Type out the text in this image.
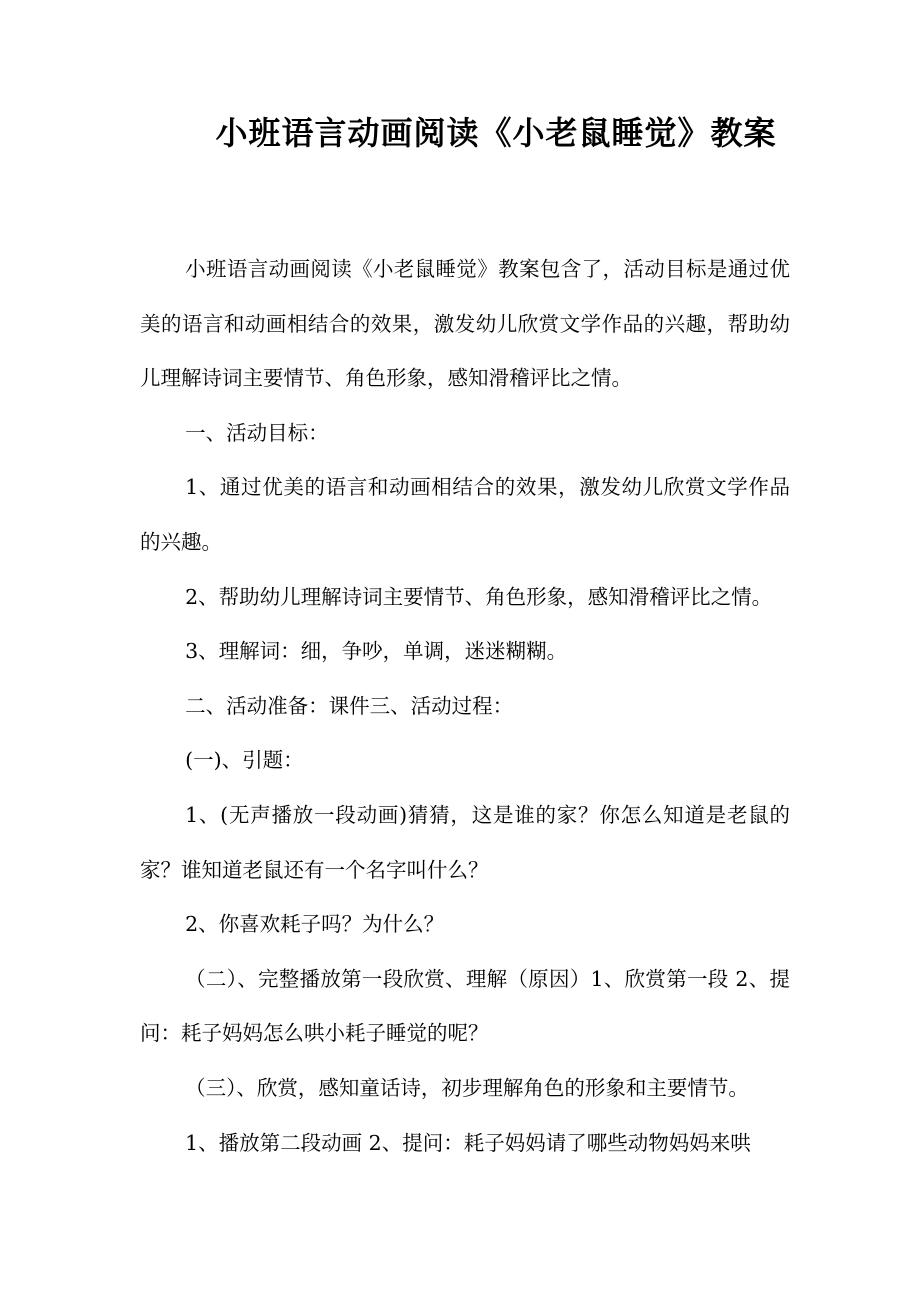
小班语言动画阅读《小老鼠睡觉》教案

小班语言动画阅读《小老鼠睡觉》教案包含了，活动目标是通过优美的语言和动画相结合的效果，激发幼儿欣赏文学作品的兴趣，帮助幼儿理解诗词主要情节、角色形象，感知滑稽评比之情。

一、活动目标：

1、通过优美的语言和动画相结合的效果，激发幼儿欣赏文学作品的兴趣。

2、帮助幼儿理解诗词主要情节、角色形象，感知滑稽评比之情。

3、理解词：细，争吵，单调，迷迷糊糊。

二、活动准备：课件三、活动过程：

(一)、引题：

1、(无声播放一段动画)猜猜，这是谁的家？你怎么知道是老鼠的家？谁知道老鼠还有一个名字叫什么？

2、你喜欢耗子吗？为什么？

（二）、完整播放第一段欣赏、理解（原因）1、欣赏第一段 2、提问：耗子妈妈怎么哄小耗子睡觉的呢？

（三）、欣赏，感知童话诗，初步理解角色的形象和主要情节。

1、播放第二段动画 2、提问：耗子妈妈请了哪些动物妈妈来哄
